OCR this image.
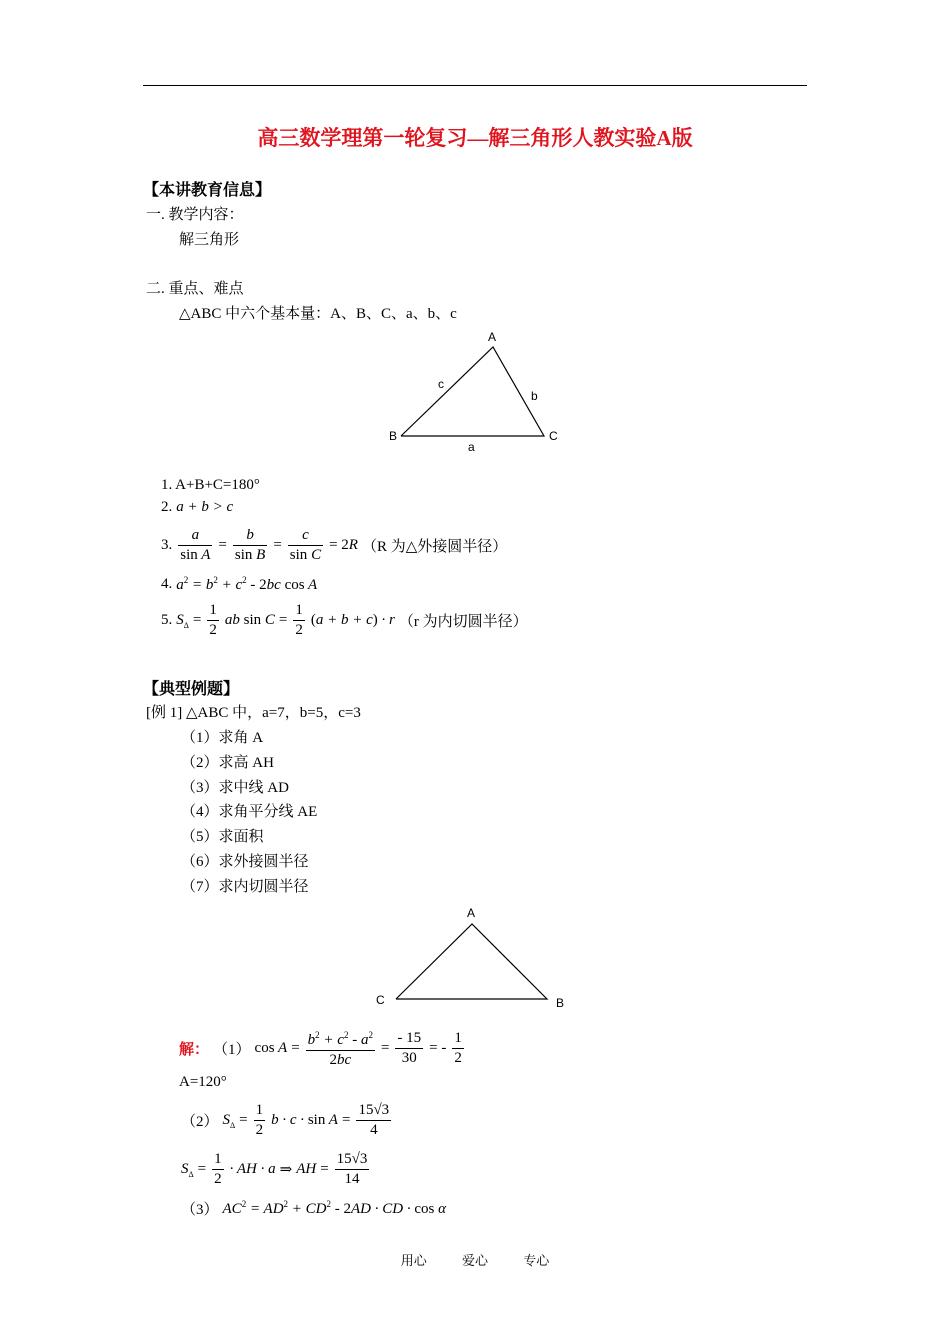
高三数学理第一轮复习—解三角形人教实验A版
【本讲教育信息】
一. 教学内容：
解三角形
二. 重点、难点
△ABC 中六个基本量：A、B、C、a、b、c
A
B	C
c
b
a
1. A+B+C=180°
2. a + b > c
3. $\frac{a}{\text{sin A}} = \frac{b}{\text{sin B}} = \frac{c}{\text{sin C}} = 2R$ （R 为△外接圆半径）
4. $a^2 = b^2 + c^2 - 2bc$ cos A
5. $S_\Delta = \frac{1}{2}$ ab $\sin C = \frac{1}{2} (a + b + c) \cdot r$ （r 为内切圆半径）
【典型例题】
[例 1] △ABC 中，a=7，b=5，c=3
（1）求角 A
（2）求高 AH
（3）求中线 AD
（4）求角平分线 AE
（5）求面积
（6）求外接圆半径
（7）求内切圆半径
A
C	B
解： （1） $\cos A = \frac{b^2 + c^2 - a^2}{2bc} = \frac{- 15}{30}$ = - $\frac{1}{2}$
A=120°
（2） $S_\Delta = \frac{1}{2}$ $b \cdot c \cdot \sin A = \frac{15√3}{4}$
$S_\Delta = \frac{1}{2}$ · AH · a ⇒ AH = $\frac{15√3}{14}$
（3） $AC^2 = AD^2 + CD^2 - 2AD$ · CD · cos α
用心 爱心 专心
